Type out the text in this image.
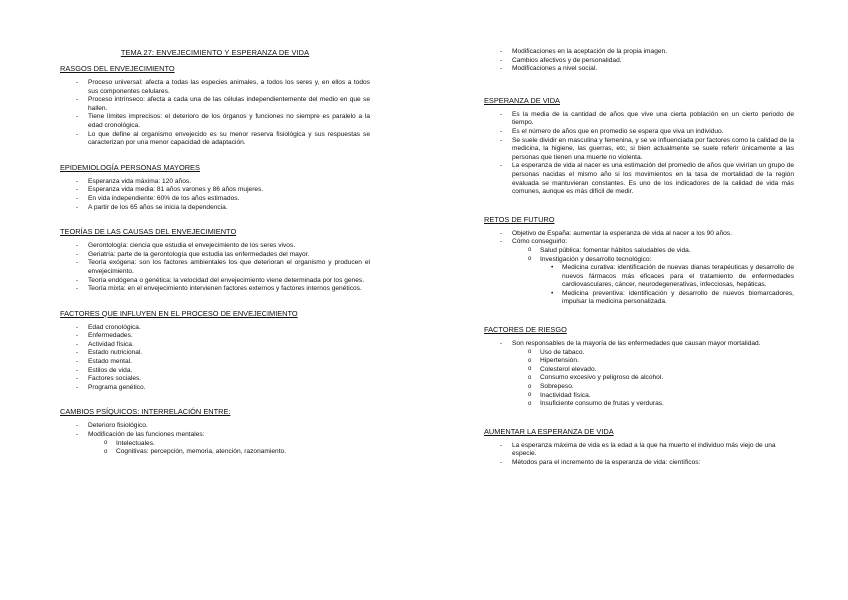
TEMA 27: ENVEJECIMIENTO Y ESPERANZA DE VIDA
RASGOS DEL ENVEJECIMIENTO
- Proceso universal: afecta a todas las especies animales, a todos los seres y, en ellos a todos sus componentes celulares.
- Proceso intrínseco: afecta a cada una de las células independientemente del medio en que se hallen.
- Tiene límites imprecisos: el deterioro de los órganos y funciones no siempre es paralelo a la edad cronológica.
- Lo que define al organismo envejecido es su menor reserva fisiológica y sus respuestas se caracterizan por una menor capacidad de adaptación.
EPIDEMIOLOGÍA PERSONAS MAYORES
- Esperanza vida máxima: 120 años.
- Esperanza vida media: 81 años varones y 86 años mujeres.
- En vida independiente: 60% de los años estimados.
- A partir de los 65 años se inicia la dependencia.
TEORÍAS DE LAS CAUSAS DEL ENVEJECIMIENTO
- Gerontología: ciencia que estudia el envejecimiento de los seres vivos.
- Geriatría: parte de la gerontología que estudia las enfermedades del mayor.
- Teoría exógena: son los factores ambientales los que deterioran el organismo y producen el envejecimiento.
- Teoría endógena o genética: la velocidad del envejecimiento viene determinada por los genes.
- Teoría mixta: en el envejecimiento intervienen factores externos y factores internos genéticos.
FACTORES QUE INFLUYEN EN EL PROCESO DE ENVEJECIMIENTO
- Edad cronológica.
- Enfermedades.
- Actividad física.
- Estado nutricional.
- Estado mental.
- Estilos de vida.
- Factores sociales.
- Programa genético.
CAMBIOS PSÍQUICOS: INTERRELACIÓN ENTRE:
- Deterioro fisiológico.
- Modificación de las funciones mentales:
o Intelectuales.
o Cognitivas: percepción, memoria, atención, razonamiento.
- Modificaciones en la aceptación de la propia imagen.
- Cambios afectivos y de personalidad.
- Modificaciones a nivel social.
ESPERANZA DE VIDA
- Es la media de la cantidad de años que vive una cierta población en un cierto periodo de tiempo.
- Es el número de años que en promedio se espera que viva un individuo.
- Se suele dividir en masculina y femenina, y se ve influenciada por factores como la calidad de la medicina, la higiene, las guerras, etc, si bien actualmente se suele referir únicamente a las personas que tienen una muerte no violenta.
- La esperanza de vida al nacer es una estimación del promedio de años que vivirían un grupo de personas nacidas el mismo año si los movimientos en la tasa de mortalidad de la región evaluada se mantuvieran constantes. Es uno de los indicadores de la calidad de vida más comunes, aunque es más difícil de medir.
RETOS DE FUTURO
- Objetivo de España: aumentar la esperanza de vida al nacer a los 90 años.
- Cómo conseguirlo:
o Salud pública: fomentar hábitos saludables de vida.
o Investigación y desarrollo tecnológico:
• Medicina curativa: identificación de nuevas dianas terapéuticas y desarrollo de nuevos fármacos más eficaces para el tratamiento de enfermedades cardiovasculares, cáncer, neurodegenerativas, infecciosas, hepáticas.
• Medicina preventiva: identificación y desarrollo de nuevos biomarcadores, impulsar la medicina personalizada.
FACTORES DE RIESGO
- Son responsables de la mayoría de las enfermedades que causan mayor mortalidad.
o Uso de tabaco.
o Hipertensión.
o Colesterol elevado.
o Consumo excesivo y peligroso de alcohol.
o Sobrepeso.
o Inactividad física.
o Insuficiente consumo de frutas y verduras.
AUMENTAR LA ESPERANZA DE VIDA
- La esperanza máxima de vida es la edad a la que ha muerto el individuo más viejo de una especie.
- Métodos para el incremento de la esperanza de vida: científicos:
